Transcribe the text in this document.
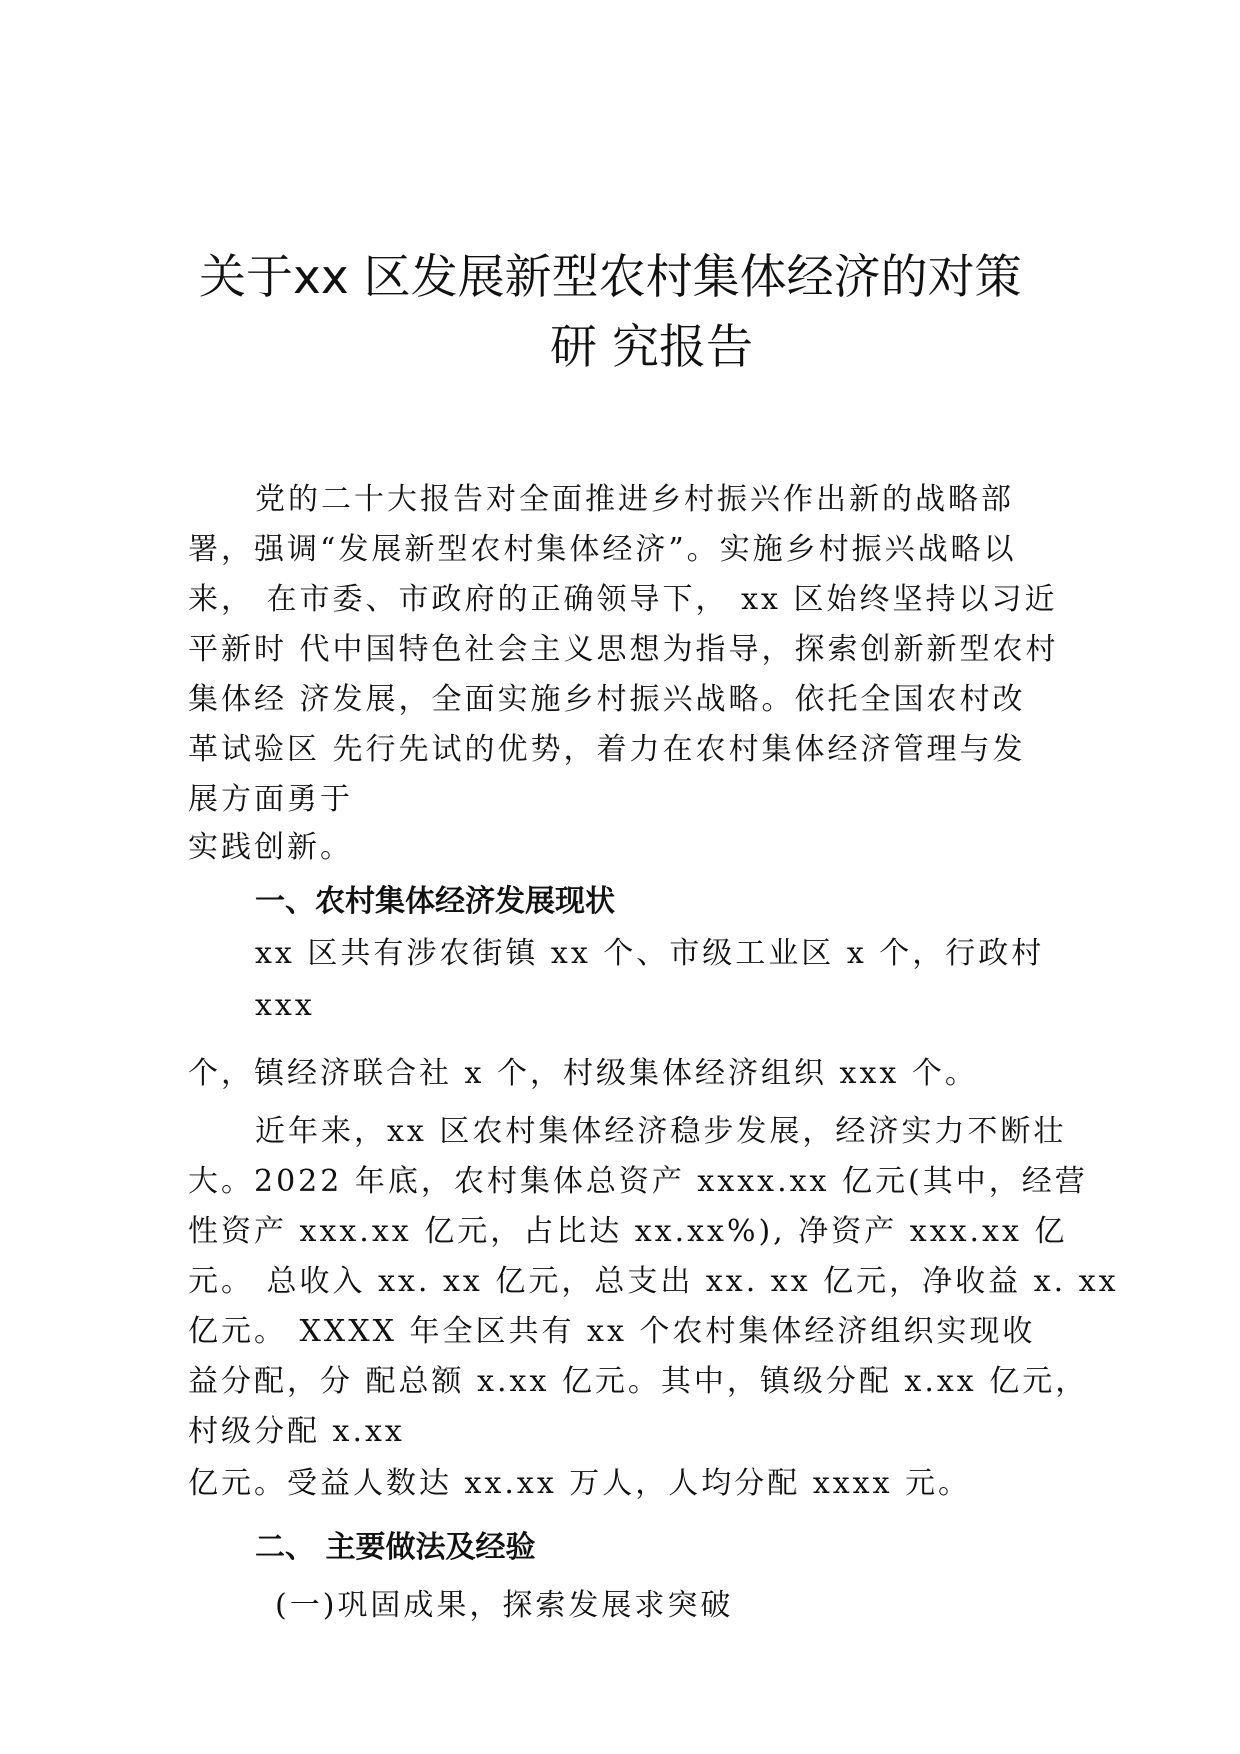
关于xx 区发展新型农村集体经济的对策
研 究报告
党的二十大报告对全面推进乡村振兴作出新的战略部
署，强调“发展新型农村集体经济”。实施乡村振兴战略以
来， 在市委、市政府的正确领导下， xx 区始终坚持以习近
平新时 代中国特色社会主义思想为指导，探索创新新型农村
集体经 济发展，全面实施乡村振兴战略。依托全国农村改
革试验区 先行先试的优势，着力在农村集体经济管理与发
展方面勇于
实践创新。
一、农村集体经济发展现状
xx 区共有涉农街镇 xx 个、市级工业区 x 个，行政村
xxx
个，镇经济联合社 x 个，村级集体经济组织 xxx 个。
近年来，xx 区农村集体经济稳步发展，经济实力不断壮
大。2022 年底，农村集体总资产 xxxx.xx 亿元(其中，经营
性资产 xxx.xx 亿元，占比达 xx.xx%), 净资产 xxx.xx 亿
元。 总收入 xx. xx 亿元，总支出 xx. xx 亿元，净收益 x. xx
亿元。 XXXX 年全区共有 xx 个农村集体经济组织实现收
益分配，分 配总额 x.xx 亿元。其中，镇级分配 x.xx 亿元，
村级分配 x.xx
亿元。受益人数达 xx.xx 万人，人均分配 xxxx 元。
二、 主要做法及经验
(一)巩固成果，探索发展求突破
